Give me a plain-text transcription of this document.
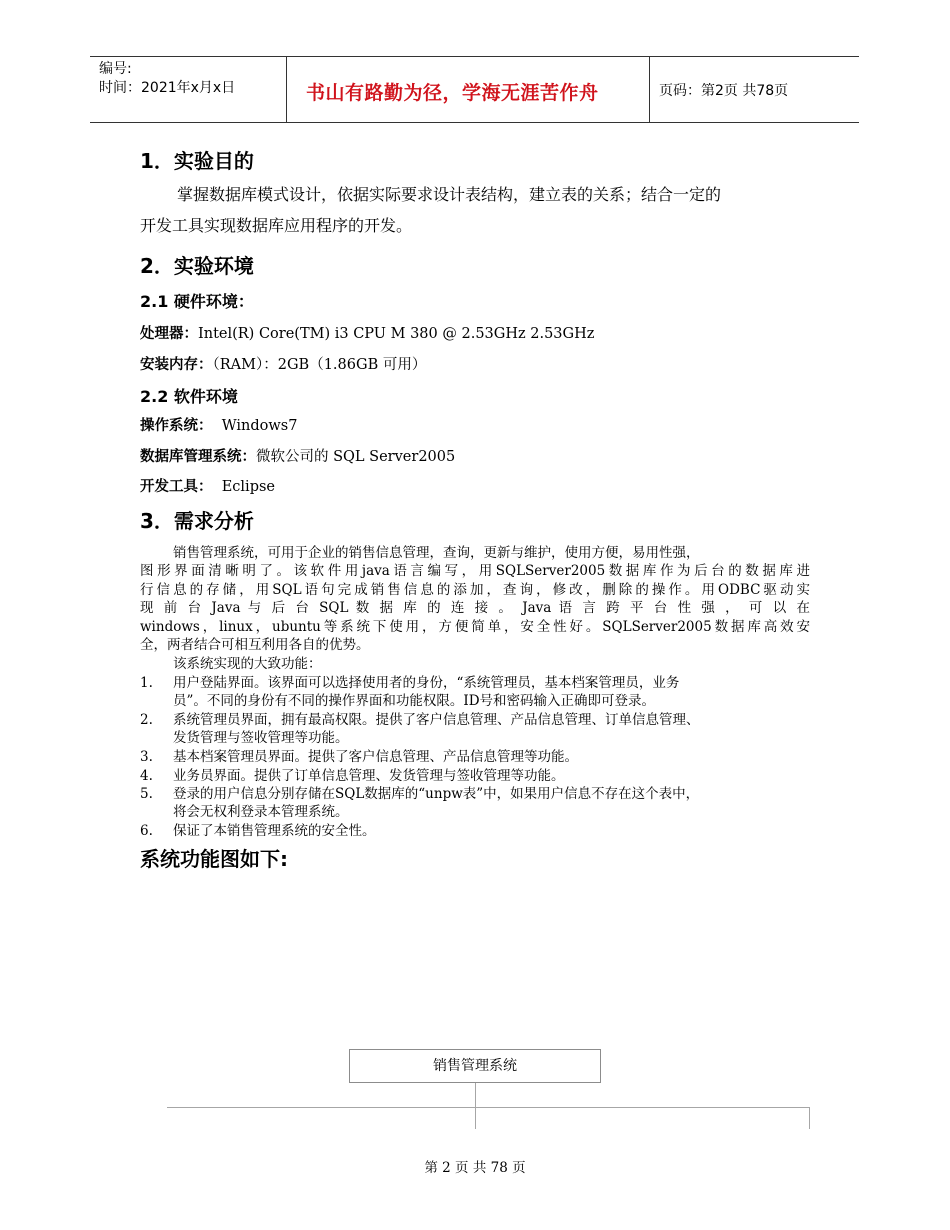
编号:
时间：2021年x月x日	书山有路勤为径，学海无涯苦作舟	页码：第2页 共78页
1．实验目的
掌握数据库模式设计，依据实际要求设计表结构，建立表的关系；结合一定的
开发工具实现数据库应用程序的开发。
2．实验环境
2.1 硬件环境：
处理器：Intel(R) Core(TM) i3 CPU M 380 @ 2.53GHz 2.53GHz
安装内存：（RAM）：2GB（1.86GB 可用）
2.2 软件环境
操作系统：  Windows7
数据库管理系统：微软公司的 SQL Server2005
开发工具：  Eclipse
3．需求分析
销售管理系统，可用于企业的销售信息管理，查询，更新与维护，使用方便，易用性强，
图形界面清晰明了。该软件用java语言编写，用SQLServer2005数据库作为后台的数据库进
行信息的存储，用SQL语句完成销售信息的添加，查询，修改，删除的操作。用ODBC驱动实
现 前 台 Java 与 后 台 SQL 数 据 库 的 连 接 。 Java 语 言 跨 平 台 性 强 ， 可 以 在
windows，linux，ubuntu等系统下使用，方便简单，安全性好。SQLServer2005数据库高效安
全，两者结合可相互利用各自的优势。
该系统实现的大致功能：
1. 用户登陆界面。该界面可以选择使用者的身份，“系统管理员，基本档案管理员，业务
员”。不同的身份有不同的操作界面和功能权限。ID号和密码输入正确即可登录。
2. 系统管理员界面，拥有最高权限。提供了客户信息管理、产品信息管理、订单信息管理、
发货管理与签收管理等功能。
3. 基本档案管理员界面。提供了客户信息管理、产品信息管理等功能。
4. 业务员界面。提供了订单信息管理、发货管理与签收管理等功能。
5. 登录的用户信息分别存储在SQL数据库的“unpw表”中，如果用户信息不存在这个表中，
将会无权利登录本管理系统。
6. 保证了本销售管理系统的安全性。
系统功能图如下:
销售管理系统
第 2 页 共 78 页
